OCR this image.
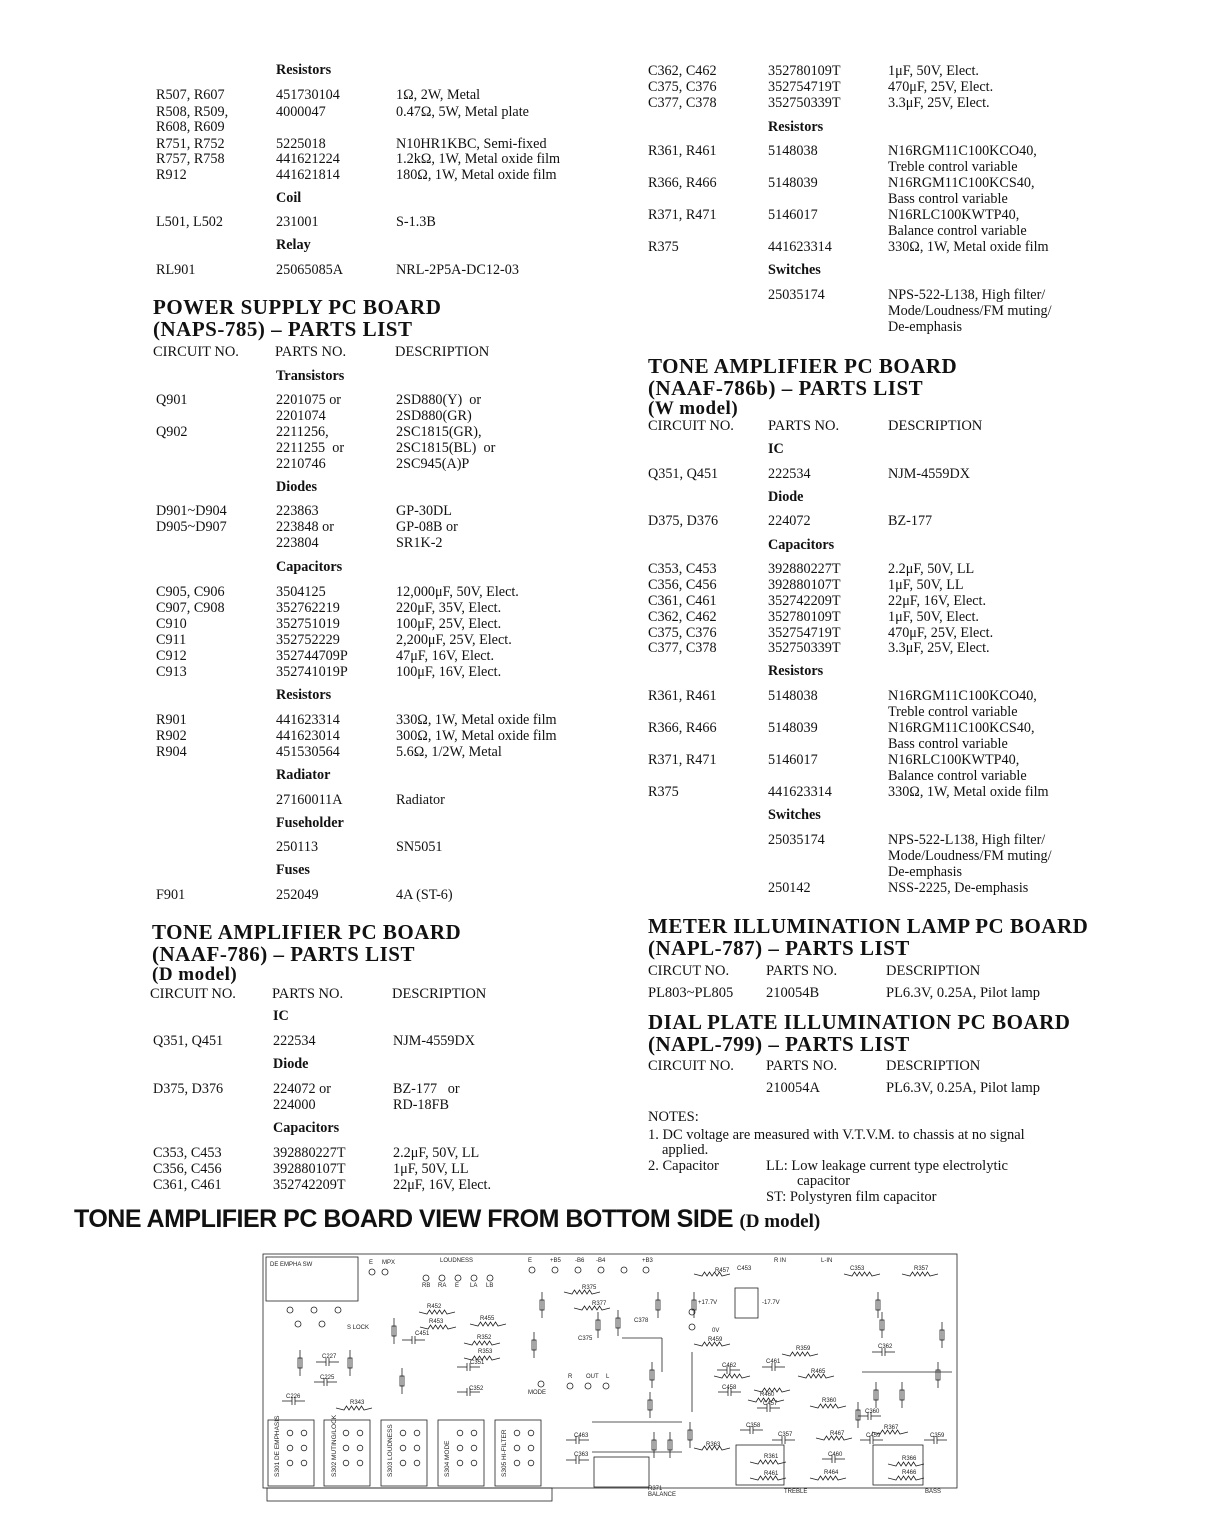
Resistors
R507, R607	451730104	1Ω, 2W, Metal
R508, R509,	4000047	0.47Ω, 5W, Metal plate
R608, R609
R751, R752	5225018	N10HR1KBC, Semi-fixed
R757, R758	441621224	1.2kΩ, 1W, Metal oxide film
R912	441621814	180Ω, 1W, Metal oxide film
Coil
L501, L502	231001	S-1.3B
Relay
RL901	25065085A	NRL-2P5A-DC12-03
POWER SUPPLY PC BOARD
(NAPS-785) – PARTS LIST
CIRCUIT NO. PARTS NO.	DESCRIPTION
Transistors
Q901	2201075 or	2SD880(Y)  or
2201074	2SD880(GR)
Q902	2211256,	2SC1815(GR),
2211255  or	2SC1815(BL)  or
2210746	2SC945(A)P
Diodes
D901~D904	223863	GP-30DL
D905~D907	223848 or	GP-08B or
223804	SR1K-2
Capacitors
C905, C906	3504125	12,000μF, 50V, Elect.
C907, C908	352762219	220μF, 35V, Elect.
C910	352751019	100μF, 25V, Elect.
C911	352752229	2,200μF, 25V, Elect.
C912	352744709P	47μF, 16V, Elect.
C913	352741019P	100μF, 16V, Elect.
Resistors
R901	441623314	330Ω, 1W, Metal oxide film
R902	441623014	300Ω, 1W, Metal oxide film
R904	451530564	5.6Ω, 1/2W, Metal
Radiator
27160011A	Radiator
Fuseholder
250113	SN5051
Fuses
F901	252049	4A (ST-6)
TONE AMPLIFIER PC BOARD
(NAAF-786) – PARTS LIST
(D model)
CIRCUIT NO. PARTS NO.	DESCRIPTION
IC
Q351, Q451	222534	NJM-4559DX
Diode
D375, D376	224072 or	BZ-177   or
224000	RD-18FB
Capacitors
C353, C453	392880227T	2.2μF, 50V, LL
C356, C456	392880107T	1μF, 50V, LL
C361, C461	352742209T	22μF, 16V, Elect.
C362, C462	352780109T	1μF, 50V, Elect.
C375, C376	352754719T	470μF, 25V, Elect.
C377, C378	352750339T	3.3μF, 25V, Elect.
Resistors
R361, R461	5148038	N16RGM11C100KCO40,
Treble control variable
R366, R466	5148039	N16RGM11C100KCS40,
Bass control variable
R371, R471	5146017	N16RLC100KWTP40,
Balance control variable
R375	441623314	330Ω, 1W, Metal oxide film
Switches
25035174	NPS-522-L138, High filter/
Mode/Loudness/FM muting/
De-emphasis
TONE AMPLIFIER PC BOARD
(NAAF-786b) – PARTS LIST
(W model)
CIRCUIT NO. PARTS NO.	DESCRIPTION
IC
Q351, Q451	222534	NJM-4559DX
Diode
D375, D376	224072	BZ-177
Capacitors
C353, C453	392880227T	2.2μF, 50V, LL
C356, C456	392880107T	1μF, 50V, LL
C361, C461	352742209T	22μF, 16V, Elect.
C362, C462	352780109T	1μF, 50V, Elect.
C375, C376	352754719T	470μF, 25V, Elect.
C377, C378	352750339T	3.3μF, 25V, Elect.
Resistors
R361, R461	5148038	N16RGM11C100KCO40,
Treble control variable
R366, R466	5148039	N16RGM11C100KCS40,
Bass control variable
R371, R471	5146017	N16RLC100KWTP40,
Balance control variable
R375	441623314	330Ω, 1W, Metal oxide film
Switches
25035174	NPS-522-L138, High filter/
Mode/Loudness/FM muting/
De-emphasis
250142	NSS-2225, De-emphasis
METER ILLUMINATION LAMP PC BOARD
(NAPL-787) – PARTS LIST
CIRCUT NO.	PARTS NO.	DESCRIPTION
PL803~PL805 210054B	PL6.3V, 0.25A, Pilot lamp
DIAL PLATE ILLUMINATION PC BOARD
(NAPL-799) – PARTS LIST
CIRCUIT NO. PARTS NO.	DESCRIPTION
210054A	PL6.3V, 0.25A, Pilot lamp
NOTES:
1. DC voltage are measured with V.T.V.M. to chassis at no signal
applied.
2. Capacitor	LL: Low leakage current type electrolytic
capacitor
ST: Polystyren film capacitor
TONE AMPLIFIER PC BOARD VIEW FROM BOTTOM SIDE (D model)
DE EMPHA SW	E MPX	LOUDNESS
RB RA E LA LB
E	+B5 -B6 -B4	+B3	R IN	L-IN
S LOCK
MODE
R OUT L
BALANCE	TREBLE	BASS
+17.7V	-17.7V
0V
R457 C453	C353	R357
R375
R377
R452
R453	R455
C451
R352
R353
C351
C352
R459
R359
R465
R460
R360
R363
R361
R461
R367
R467
R366
R466
R464
R371
R343
C362
C462
C461
C458
C457
C358
C357	C459	C359
C460
C360
C463
C363
C226
C225
C227
C378
C375
S301 DE EMPHASIS	S302 MUTING/LOCK	S303 LOUDNESS	S304 MODE	S305 HI-FILTER
